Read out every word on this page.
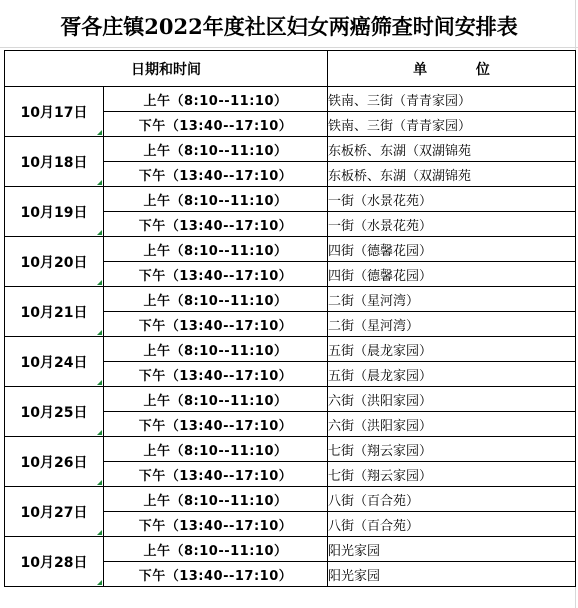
胥各庄镇2022年度社区妇女两癌筛查时间安排表
日期和时间		单 位
10月17日	上午（8:10--11:10）	铁南、三街（青青家园）
	下午（13:40--17:10）	铁南、三街（青青家园）
10月18日	上午（8:10--11:10）	东板桥、东湖（双湖锦苑
	下午（13:40--17:10）	东板桥、东湖（双湖锦苑
10月19日	上午（8:10--11:10）	一街（水景花苑）
	下午（13:40--17:10）	一街（水景花苑）
10月20日	上午（8:10--11:10）	四街（德馨花园）
	下午（13:40--17:10）	四街（德馨花园）
10月21日	上午（8:10--11:10）	二街（星河湾）
	下午（13:40--17:10）	二街（星河湾）
10月24日	上午（8:10--11:10）	五街（晨龙家园）
	下午（13:40--17:10）	五街（晨龙家园）
10月25日	上午（8:10--11:10）	六街（洪阳家园）
	下午（13:40--17:10）	六街（洪阳家园）
10月26日	上午（8:10--11:10）	七街（翔云家园）
	下午（13:40--17:10）	七街（翔云家园）
10月27日	上午（8:10--11:10）	八街（百合苑）
	下午（13:40--17:10）	八街（百合苑）
10月28日	上午（8:10--11:10）	阳光家园
	下午（13:40--17:10）	阳光家园
